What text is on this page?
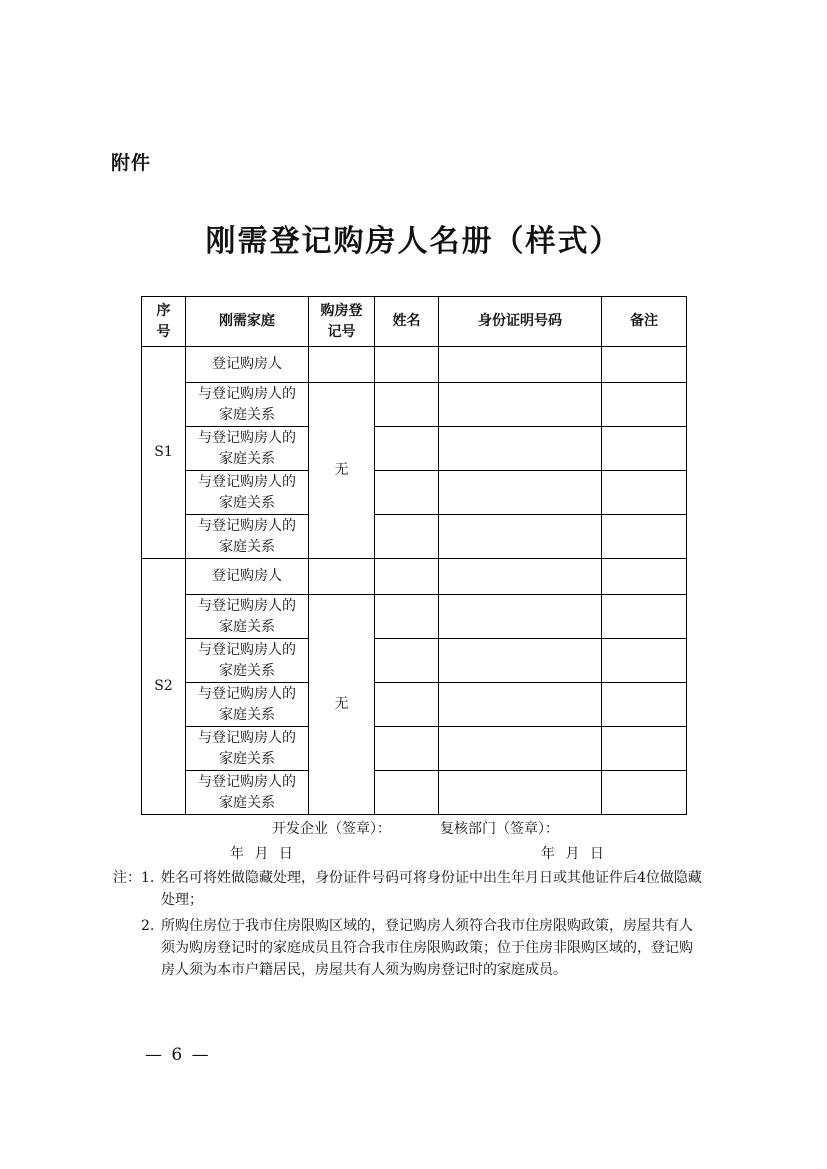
附件
刚需登记购房人名册（样式）
序号	刚需家庭	购房登记号	姓名	身份证明号码	备注
S1	登记购房人				
	与登记购房人的家庭关系	无			
	与登记购房人的家庭关系				
	与登记购房人的家庭关系				
	与登记购房人的家庭关系				
S2	登记购房人				
	与登记购房人的家庭关系	无			
	与登记购房人的家庭关系				
	与登记购房人的家庭关系				
	与登记购房人的家庭关系				
	与登记购房人的家庭关系				
开发企业（签章）：	复核部门（签章）：
年 月 日	年 月 日
注： 1. 姓名可将姓做隐藏处理，身份证件号码可将身份证中出生年月日或其他证件后4位做隐藏处理；
2. 所购住房位于我市住房限购区域的，登记购房人须符合我市住房限购政策，房屋共有人须为购房登记时的家庭成员且符合我市住房限购政策；位于住房非限购区域的，登记购房人须为本市户籍居民，房屋共有人须为购房登记时的家庭成员。
— 6 —
